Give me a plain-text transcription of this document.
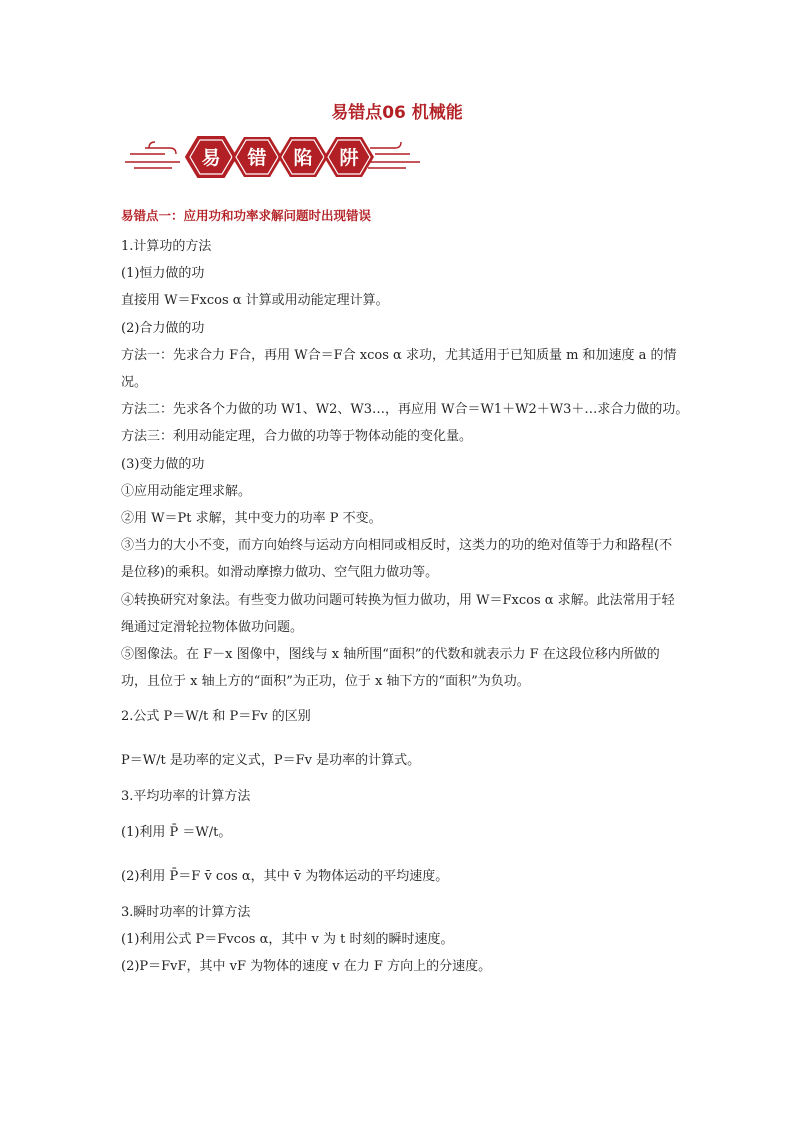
易错点06 机械能
易 错 陷 阱
易错点一：应用功和功率求解问题时出现错误
1.计算功的方法
(1)恒力做的功
直接用 W＝Fxcos α 计算或用动能定理计算。
(2)合力做的功
方法一：先求合力 F合，再用 W合＝F合 xcos α 求功，尤其适用于已知质量 m 和加速度 a 的情况。
方法二：先求各个力做的功 W1、W2、W3…，再应用 W合＝W1＋W2＋W3＋…求合力做的功。
方法三：利用动能定理，合力做的功等于物体动能的变化量。
(3)变力做的功
①应用动能定理求解。
②用 W＝Pt 求解，其中变力的功率 P 不变。
③当力的大小不变，而方向始终与运动方向相同或相反时，这类力的功的绝对值等于力和路程(不是位移)的乘积。如滑动摩擦力做功、空气阻力做功等。
④转换研究对象法。有些变力做功问题可转换为恒力做功，用 W＝Fxcos α 求解。此法常用于轻绳通过定滑轮拉物体做功问题。
⑤图像法。在 F－x 图像中，图线与 x 轴所围“面积”的代数和就表示力 F 在这段位移内所做的功，且位于 x 轴上方的“面积”为正功，位于 x 轴下方的“面积”为负功。
2.公式 P＝W/t 和 P＝Fv 的区别
P＝W/t 是功率的定义式，P＝Fv 是功率的计算式。
3.平均功率的计算方法
(1)利用 P̄ ＝W/t。
(2)利用 P̄＝F v̄ cos α，其中 v̄ 为物体运动的平均速度。
3.瞬时功率的计算方法
(1)利用公式 P＝Fvcos α，其中 v 为 t 时刻的瞬时速度。
(2)P＝FvF，其中 vF 为物体的速度 v 在力 F 方向上的分速度。
